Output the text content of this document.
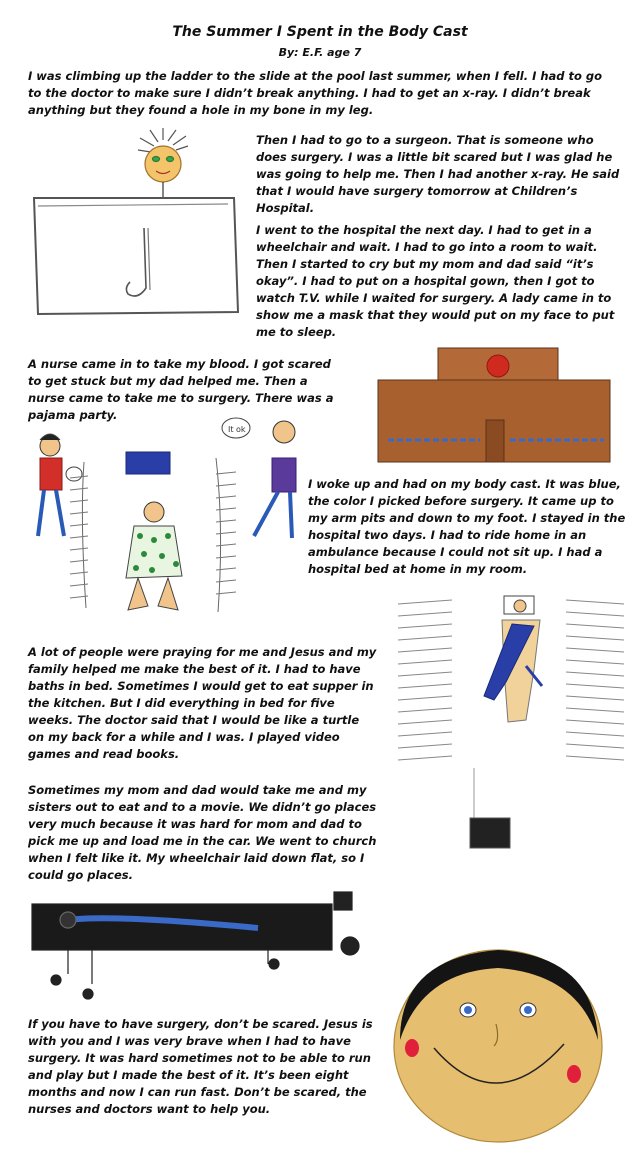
The Summer I Spent in the Body Cast
By: E.F. age 7

I was climbing up the ladder to the slide at the pool last summer, when I fell. I had to go to the doctor to make sure I didn’t break anything. I had to get an x-ray. I didn’t break anything but they found a hole in my bone in my leg.

Then I had to go to a surgeon. That is someone who does surgery. I was a little bit scared but I was glad he was going to help me. Then I had another x-ray. He said that I would have surgery tomorrow at Children’s Hospital.

I went to the hospital the next day. I had to get in a wheelchair and wait. I had to go into a room to wait. Then I started to cry but my mom and dad said “it’s okay”. I had to put on a hospital gown, then I got to watch T.V. while I waited for surgery. A lady came in to show me a mask that they would put on my face to put me to sleep.

A nurse came in to take my blood. I got scared to get stuck but my dad helped me. Then a nurse came to take me to surgery. There was a pajama party.

I woke up and had on my body cast. It was blue, the color I picked before surgery. It came up to my arm pits and down to my foot. I stayed in the hospital two days. I had to ride home in an ambulance because I could not sit up. I had a hospital bed at home in my room.

A lot of people were praying for me and Jesus and my family helped me make the best of it. I had to have baths in bed. Sometimes I would get to eat supper in the kitchen. But I did everything in bed for five weeks. The doctor said that I would be like a turtle on my back for a while and I was. I played video games and read books.

Sometimes my mom and dad would take me and my sisters out to eat and to a movie. We didn’t go places very much because it was hard for mom and dad to pick me up and load me in the car. We went to church when I felt like it. My wheelchair laid down flat, so I could go places.

If you have to have surgery, don’t be scared. Jesus is with you and I was very brave when I had to have surgery. It was hard sometimes not to be able to run and play but I made the best of it. It’s been eight months and now I can run fast. Don’t be scared, the nurses and doctors want to help you.

It ok
